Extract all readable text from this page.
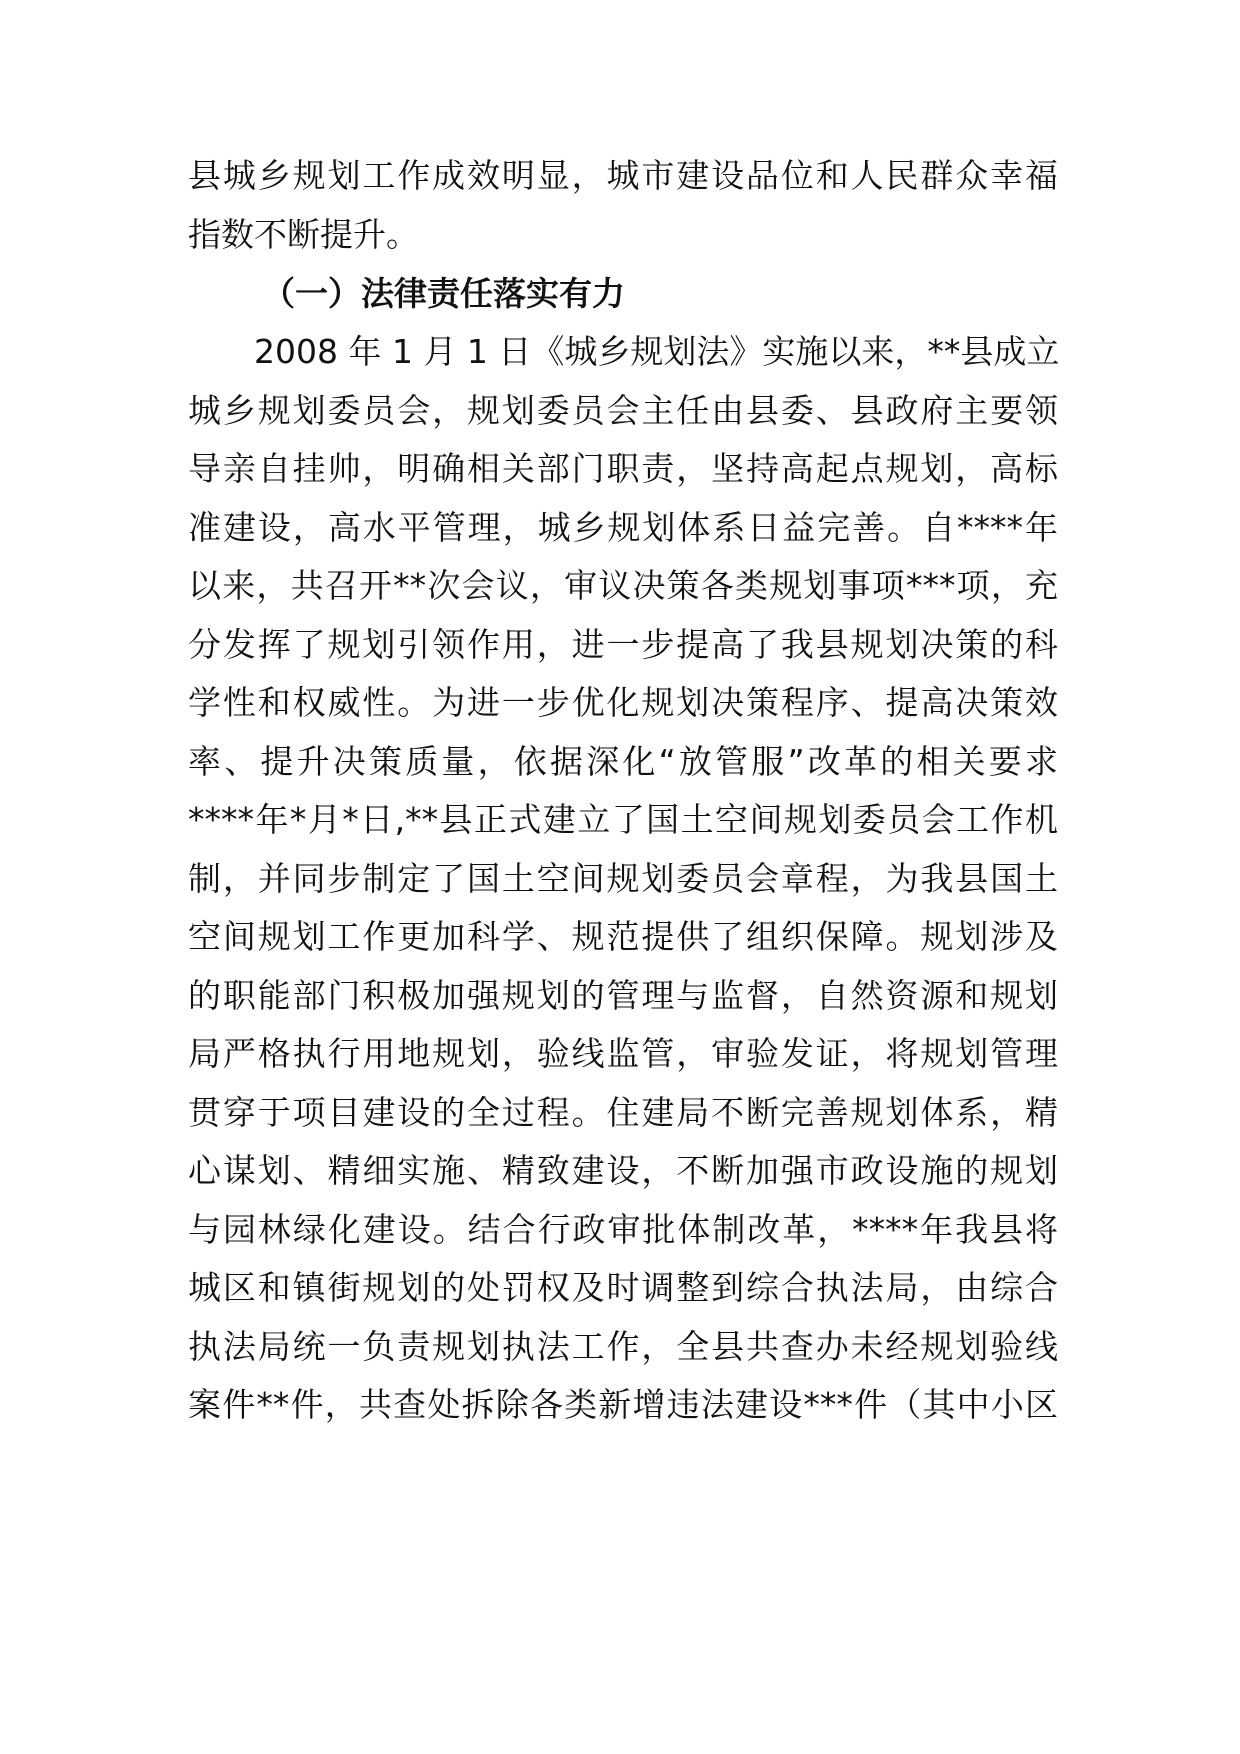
县城乡规划工作成效明显，城市建设品位和人民群众幸福
指数不断提升。
（一）法律责任落实有力
2008 年 1 月 1 日《城乡规划法》实施以来，**县成立
城乡规划委员会，规划委员会主任由县委、县政府主要领
导亲自挂帅，明确相关部门职责，坚持高起点规划，高标
准建设，高水平管理，城乡规划体系日益完善。自****年
以来，共召开**次会议，审议决策各类规划事项***项，充
分发挥了规划引领作用，进一步提高了我县规划决策的科
学性和权威性。为进一步优化规划决策程序、提高决策效
率、提升决策质量，依据深化“放管服”改革的相关要求
****年*月*日,**县正式建立了国土空间规划委员会工作机
制，并同步制定了国土空间规划委员会章程，为我县国土
空间规划工作更加科学、规范提供了组织保障。规划涉及
的职能部门积极加强规划的管理与监督，自然资源和规划
局严格执行用地规划，验线监管，审验发证，将规划管理
贯穿于项目建设的全过程。住建局不断完善规划体系，精
心谋划、精细实施、精致建设，不断加强市政设施的规划
与园林绿化建设。结合行政审批体制改革，****年我县将
城区和镇街规划的处罚权及时调整到综合执法局，由综合
执法局统一负责规划执法工作，全县共查办未经规划验线
案件**件，共查处拆除各类新增违法建设***件（其中小区
